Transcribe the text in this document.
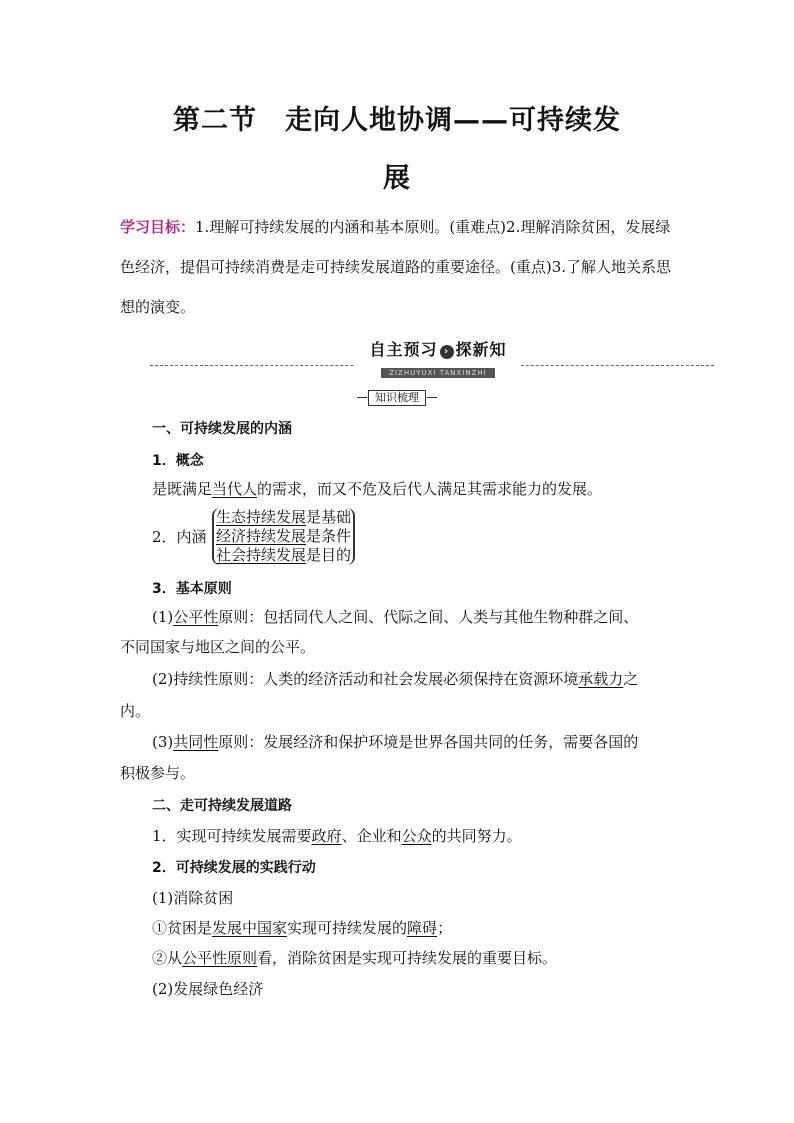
第二节　走向人地协调——可持续发
展
学习目标：1.理解可持续发展的内涵和基本原则。(重难点)2.理解消除贫困，发展绿色经济，提倡可持续消费是走可持续发展道路的重要途径。(重点)3.了解人地关系思想的演变。
自主预习 › 探新知
ZIZHUYUXI TANXINZHI
知识梳理
一、可持续发展的内涵
1．概念
是既满足当代人的需求，而又不危及后代人满足其需求能力的发展。
2．内涵
生态持续发展是基础
经济持续发展是条件
社会持续发展是目的
3．基本原则
(1)公平性原则：包括同代人之间、代际之间、人类与其他生物种群之间、
不同国家与地区之间的公平。
(2)持续性原则：人类的经济活动和社会发展必须保持在资源环境承载力之
内。
(3)共同性原则：发展经济和保护环境是世界各国共同的任务，需要各国的
积极参与。
二、走可持续发展道路
1．实现可持续发展需要政府、企业和公众的共同努力。
2．可持续发展的实践行动
(1)消除贫困
①贫困是发展中国家实现可持续发展的障碍；
②从公平性原则看，消除贫困是实现可持续发展的重要目标。
(2)发展绿色经济
